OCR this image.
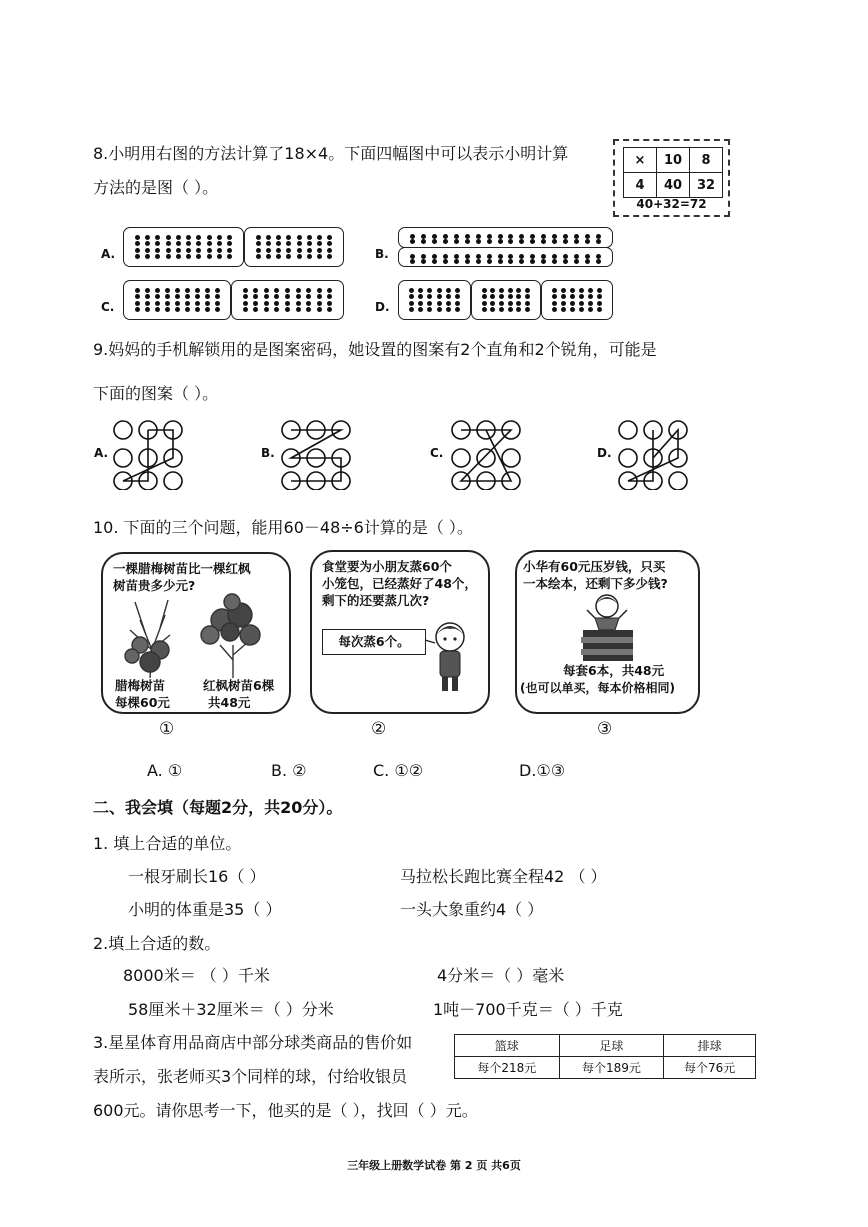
8.小明用右图的方法计算了18×4。下面四幅图中可以表示小明计算
方法的是图（ ）。
×	10	8
4	40	32
40+32=72
A.	B.
C.	D.
9.妈妈的手机解锁用的是图案密码，她设置的图案有2个直角和2个锐角，可能是
下面的图案（ ）。
A.	B.	C.	D.
10. 下面的三个问题，能用60－48÷6计算的是（ ）。
一棵腊梅树苗比一棵红枫
树苗贵多少元?
腊梅树苗
每棵60元
红枫树苗6棵
共48元
①
食堂要为小朋友蒸60个
小笼包，已经蒸好了48个，
剩下的还要蒸几次?
每次蒸6个。
②
小华有60元压岁钱，只买
一本绘本，还剩下多少钱?
每套6本，共48元
(也可以单买，每本价格相同)
③
A. ①	B. ②	C. ①②	D.①③
二、我会填（每题2分，共20分）。
1. 填上合适的单位。
一根牙刷长16（ ）	马拉松长跑比赛全程42 （ ）
小明的体重是35（ ）	一头大象重约4（ ）
2.填上合适的数。
8000米＝ （ ）千米	4分米＝（ ）毫米
58厘米＋32厘米＝（ ）分米	1吨－700千克＝（ ）千克
3.星星体育用品商店中部分球类商品的售价如
表所示，张老师买3个同样的球，付给收银员
600元。请你思考一下，他买的是（ ），找回（ ）元。
篮球	足球	排球
每个218元	每个189元	每个76元
三年级上册数学试卷 第 2 页 共6页
